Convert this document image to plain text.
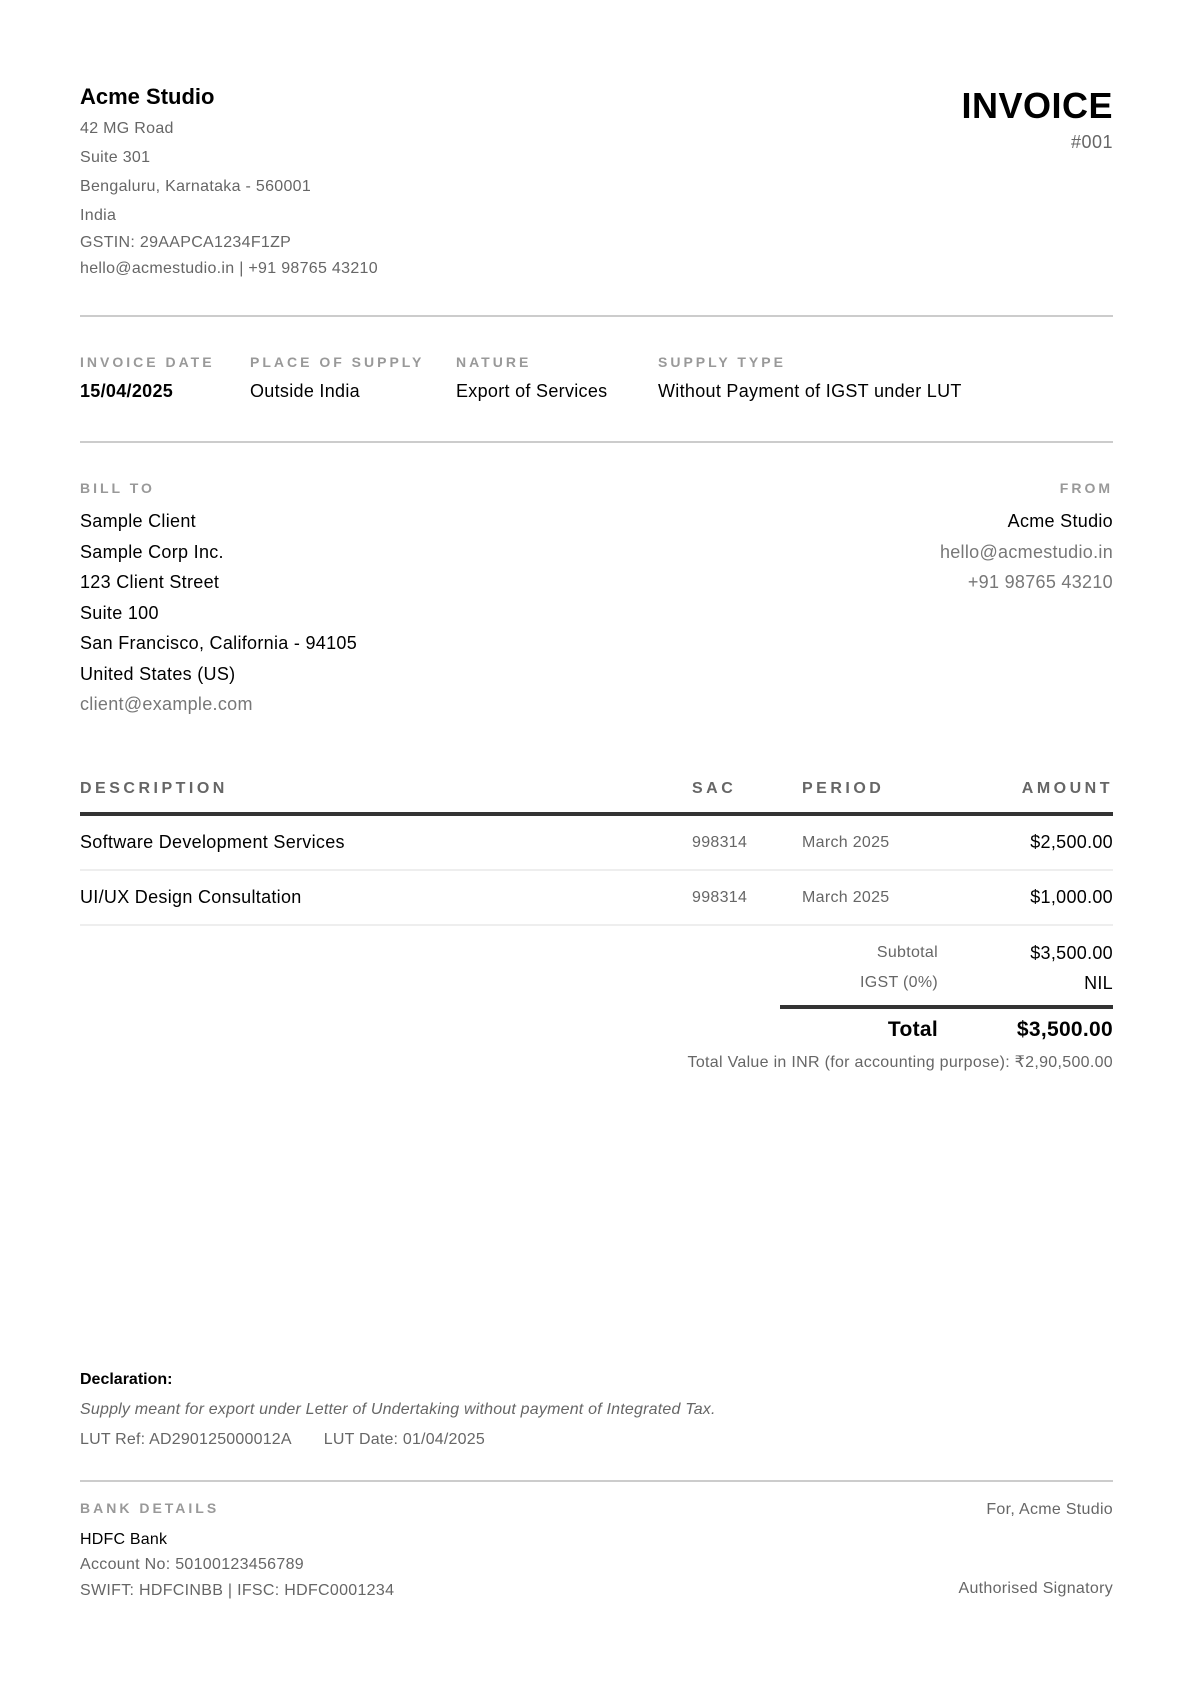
Acme Studio
42 MG Road
Suite 301
Bengaluru, Karnataka - 560001
India
GSTIN: 29AAPCA1234F1ZP
hello@acmestudio.in | +91 98765 43210
INVOICE
#001
INVOICE DATE
15/04/2025
PLACE OF SUPPLY
Outside India
NATURE
Export of Services
SUPPLY TYPE
Without Payment of IGST under LUT
BILL TO
Sample Client
Sample Corp Inc.
123 Client Street
Suite 100
San Francisco, California - 94105
United States (US)
client@example.com
FROM
Acme Studio
hello@acmestudio.in
+91 98765 43210
DESCRIPTION	SAC	PERIOD	AMOUNT
Software Development Services	998314	March 2025	$2,500.00
UI/UX Design Consultation	998314	March 2025	$1,000.00
Subtotal	$3,500.00
IGST (0%)	NIL
Total	$3,500.00
Total Value in INR (for accounting purpose): ₹2,90,500.00
Declaration:
Supply meant for export under Letter of Undertaking without payment of Integrated Tax.
LUT Ref: AD290125000012A LUT Date: 01/04/2025
BANK DETAILS
HDFC Bank
Account No: 50100123456789
SWIFT: HDFCINBB | IFSC: HDFC0001234
For, Acme Studio
Authorised Signatory
